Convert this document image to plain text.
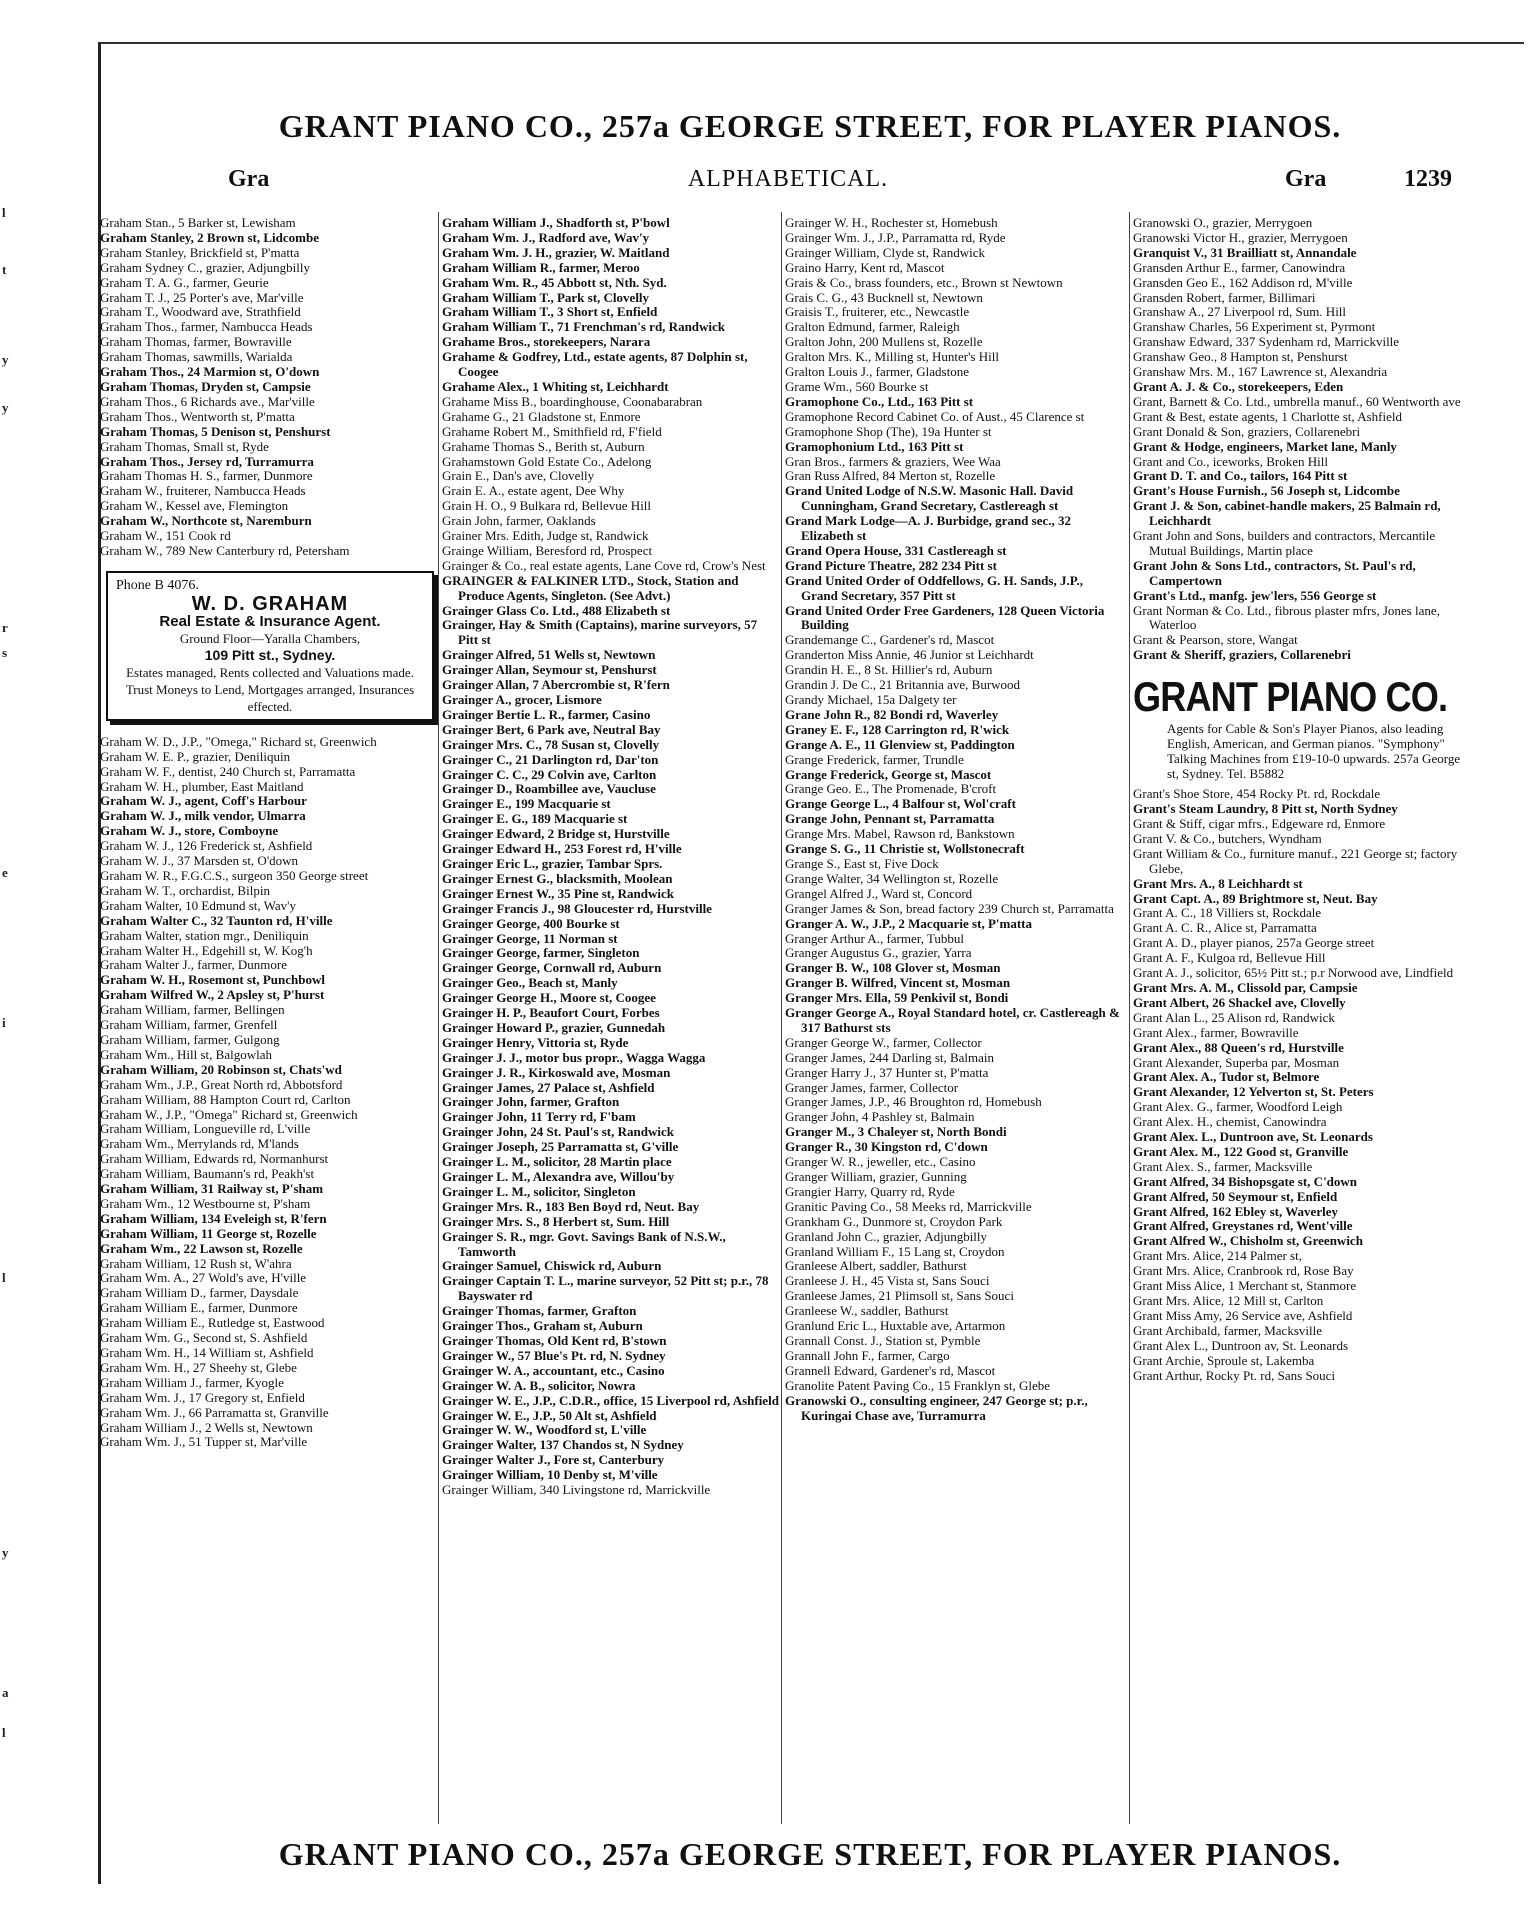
GRANT PIANO CO., 257a GEORGE STREET, FOR PLAYER PIANOS.
Gra	ALPHABETICAL.	Gra	1239

Graham Stan., 5 Barker st, Lewisham

Graham Stanley, 2 Brown st, Lidcombe

Graham Stanley, Brickfield st, P'matta

Graham Sydney C., grazier, Adjungbilly

Graham T. A. G., farmer, Geurie

Graham T. J., 25 Porter's ave, Mar'ville

Graham T., Woodward ave, Strathfield

Graham Thos., farmer, Nambucca Heads

Graham Thomas, farmer, Bowraville

Graham Thomas, sawmills, Warialda

Graham Thos., 24 Marmion st, O'down

Graham Thomas, Dryden st, Campsie

Graham Thos., 6 Richards ave., Mar'ville

Graham Thos., Wentworth st, P'matta

Graham Thomas, 5 Denison st, Penshurst

Graham Thomas, Small st, Ryde

Graham Thos., Jersey rd, Turramurra

Graham Thomas H. S., farmer, Dunmore

Graham W., fruiterer, Nambucca Heads

Graham W., Kessel ave, Flemington

Graham W., Northcote st, Naremburn

Graham W., 151 Cook rd

Graham W., 789 New Canterbury rd, Petersham

Phone B 4076.
W. D. GRAHAM
Real Estate & Insurance Agent.
Ground Floor—Yaralla Chambers,
109 Pitt st., Sydney.
Estates managed, Rents collected and Valuations made.
Trust Moneys to Lend, Mortgages arranged, Insurances effected.

Graham W. D., J.P., "Omega," Richard st, Greenwich

Graham W. E. P., grazier, Deniliquin

Graham W. F., dentist, 240 Church st, Parramatta

Graham W. H., plumber, East Maitland

Graham W. J., agent, Coff's Harbour

Graham W. J., milk vendor, Ulmarra

Graham W. J., store, Comboyne

Graham W. J., 126 Frederick st, Ashfield

Graham W. J., 37 Marsden st, O'down

Graham W. R., F.G.C.S., surgeon 350 George street

Graham W. T., orchardist, Bilpin

Graham Walter, 10 Edmund st, Wav'y

Graham Walter C., 32 Taunton rd, H'ville

Graham Walter, station mgr., Deniliquin

Graham Walter H., Edgehill st, W. Kog'h

Graham Walter J., farmer, Dunmore

Graham W. H., Rosemont st, Punchbowl

Graham Wilfred W., 2 Apsley st, P'hurst

Graham William, farmer, Bellingen

Graham William, farmer, Grenfell

Graham William, farmer, Gulgong

Graham Wm., Hill st, Balgowlah

Graham William, 20 Robinson st, Chats'wd

Graham Wm., J.P., Great North rd, Abbotsford

Graham William, 88 Hampton Court rd, Carlton

Graham W., J.P., "Omega" Richard st, Greenwich

Graham William, Longueville rd, L'ville

Graham Wm., Merrylands rd, M'lands

Graham William, Edwards rd, Normanhurst

Graham William, Baumann's rd, Peakh'st

Graham William, 31 Railway st, P'sham

Graham Wm., 12 Westbourne st, P'sham

Graham William, 134 Eveleigh st, R'fern

Graham William, 11 George st, Rozelle

Graham Wm., 22 Lawson st, Rozelle

Graham William, 12 Rush st, W'ahra

Graham Wm. A., 27 Wold's ave, H'ville

Graham William D., farmer, Daysdale

Graham William E., farmer, Dunmore

Graham William E., Rutledge st, Eastwood

Graham Wm. G., Second st, S. Ashfield

Graham Wm. H., 14 William st, Ashfield

Graham Wm. H., 27 Sheehy st, Glebe

Graham William J., farmer, Kyogle

Graham Wm. J., 17 Gregory st, Enfield

Graham Wm. J., 66 Parramatta st, Granville

Graham William J., 2 Wells st, Newtown

Graham Wm. J., 51 Tupper st, Mar'ville

Graham William J., Shadforth st, P'bowl

Graham Wm. J., Radford ave, Wav'y

Graham Wm. J. H., grazier, W. Maitland

Graham William R., farmer, Meroo

Graham Wm. R., 45 Abbott st, Nth. Syd.

Graham William T., Park st, Clovelly

Graham William T., 3 Short st, Enfield

Graham William T., 71 Frenchman's rd, Randwick

Grahame Bros., storekeepers, Narara

Grahame & Godfrey, Ltd., estate agents, 87 Dolphin st, Coogee

Grahame Alex., 1 Whiting st, Leichhardt

Grahame Miss B., boardinghouse, Coonabarabran

Grahame G., 21 Gladstone st, Enmore

Grahame Robert M., Smithfield rd, F'field

Grahame Thomas S., Berith st, Auburn

Grahamstown Gold Estate Co., Adelong

Grain E., Dan's ave, Clovelly

Grain E. A., estate agent, Dee Why

Grain H. O., 9 Bulkara rd, Bellevue Hill

Grain John, farmer, Oaklands

Grainer Mrs. Edith, Judge st, Randwick

Grainge William, Beresford rd, Prospect

Grainger & Co., real estate agents, Lane Cove rd, Crow's Nest

GRAINGER & FALKINER LTD., Stock, Station and Produce Agents, Singleton. (See Advt.)

Grainger Glass Co. Ltd., 488 Elizabeth st

Grainger, Hay & Smith (Captains), marine surveyors, 57 Pitt st

Grainger Alfred, 51 Wells st, Newtown

Grainger Allan, Seymour st, Penshurst

Grainger Allan, 7 Abercrombie st, R'fern

Grainger A., grocer, Lismore

Grainger Bertie L. R., farmer, Casino

Grainger Bert, 6 Park ave, Neutral Bay

Grainger Mrs. C., 78 Susan st, Clovelly

Grainger C., 21 Darlington rd, Dar'ton

Grainger C. C., 29 Colvin ave, Carlton

Grainger D., Roambillee ave, Vaucluse

Grainger E., 199 Macquarie st

Grainger E. G., 189 Macquarie st

Grainger Edward, 2 Bridge st, Hurstville

Grainger Edward H., 253 Forest rd, H'ville

Grainger Eric L., grazier, Tambar Sprs.

Grainger Ernest G., blacksmith, Moolean

Grainger Ernest W., 35 Pine st, Randwick

Grainger Francis J., 98 Gloucester rd, Hurstville

Grainger George, 400 Bourke st

Grainger George, 11 Norman st

Grainger George, farmer, Singleton

Grainger George, Cornwall rd, Auburn

Grainger Geo., Beach st, Manly

Grainger George H., Moore st, Coogee

Grainger H. P., Beaufort Court, Forbes

Grainger Howard P., grazier, Gunnedah

Grainger Henry, Vittoria st, Ryde

Grainger J. J., motor bus propr., Wagga Wagga

Grainger J. R., Kirkoswald ave, Mosman

Grainger James, 27 Palace st, Ashfield

Grainger John, farmer, Grafton

Grainger John, 11 Terry rd, F'bam

Grainger John, 24 St. Paul's st, Randwick

Grainger Joseph, 25 Parramatta st, G'ville

Grainger L. M., solicitor, 28 Martin place

Grainger L. M., Alexandra ave, Willou'by

Grainger L. M., solicitor, Singleton

Grainger Mrs. R., 183 Ben Boyd rd, Neut. Bay

Grainger Mrs. S., 8 Herbert st, Sum. Hill

Grainger S. R., mgr. Govt. Savings Bank of N.S.W., Tamworth

Grainger Samuel, Chiswick rd, Auburn

Grainger Captain T. L., marine surveyor, 52 Pitt st; p.r., 78 Bayswater rd

Grainger Thomas, farmer, Grafton

Grainger Thos., Graham st, Auburn

Grainger Thomas, Old Kent rd, B'stown

Grainger W., 57 Blue's Pt. rd, N. Sydney

Grainger W. A., accountant, etc., Casino

Grainger W. A. B., solicitor, Nowra

Grainger W. E., J.P., C.D.R., office, 15 Liverpool rd, Ashfield

Grainger W. E., J.P., 50 Alt st, Ashfield

Grainger W. W., Woodford st, L'ville

Grainger Walter, 137 Chandos st, N Sydney

Grainger Walter J., Fore st, Canterbury

Grainger William, 10 Denby st, M'ville

Grainger William, 340 Livingstone rd, Marrickville

Grainger W. H., Rochester st, Homebush

Grainger Wm. J., J.P., Parramatta rd, Ryde

Grainger William, Clyde st, Randwick

Graino Harry, Kent rd, Mascot

Grais & Co., brass founders, etc., Brown st Newtown

Grais C. G., 43 Bucknell st, Newtown

Graisis T., fruiterer, etc., Newcastle

Gralton Edmund, farmer, Raleigh

Gralton John, 200 Mullens st, Rozelle

Gralton Mrs. K., Milling st, Hunter's Hill

Gralton Louis J., farmer, Gladstone

Grame Wm., 560 Bourke st

Gramophone Co., Ltd., 163 Pitt st

Gramophone Record Cabinet Co. of Aust., 45 Clarence st

Gramophone Shop (The), 19a Hunter st

Gramophonium Ltd., 163 Pitt st

Gran Bros., farmers & graziers, Wee Waa

Gran Russ Alfred, 84 Merton st, Rozelle

Grand United Lodge of N.S.W. Masonic Hall. David Cunningham, Grand Secretary, Castlereagh st

Grand Mark Lodge—A. J. Burbidge, grand sec., 32 Elizabeth st

Grand Opera House, 331 Castlereagh st

Grand Picture Theatre, 282 234 Pitt st

Grand United Order of Oddfellows, G. H. Sands, J.P., Grand Secretary, 357 Pitt st

Grand United Order Free Gardeners, 128 Queen Victoria Building

Grandemange C., Gardener's rd, Mascot

Granderton Miss Annie, 46 Junior st Leichhardt

Grandin H. E., 8 St. Hillier's rd, Auburn

Grandin J. De C., 21 Britannia ave, Burwood

Grandy Michael, 15a Dalgety ter

Grane John R., 82 Bondi rd, Waverley

Graney E. F., 128 Carrington rd, R'wick

Grange A. E., 11 Glenview st, Paddington

Grange Frederick, farmer, Trundle

Grange Frederick, George st, Mascot

Grange Geo. E., The Promenade, B'croft

Grange George L., 4 Balfour st, Wol'craft

Grange John, Pennant st, Parramatta

Grange Mrs. Mabel, Rawson rd, Bankstown

Grange S. G., 11 Christie st, Wollstonecraft

Grange S., East st, Five Dock

Grange Walter, 34 Wellington st, Rozelle

Grangel Alfred J., Ward st, Concord

Granger James & Son, bread factory 239 Church st, Parramatta

Granger A. W., J.P., 2 Macquarie st, P'matta

Granger Arthur A., farmer, Tubbul

Granger Augustus G., grazier, Yarra

Granger B. W., 108 Glover st, Mosman

Granger B. Wilfred, Vincent st, Mosman

Granger Mrs. Ella, 59 Penkivil st, Bondi

Granger George A., Royal Standard hotel, cr. Castlereagh & 317 Bathurst sts

Granger George W., farmer, Collector

Granger James, 244 Darling st, Balmain

Granger Harry J., 37 Hunter st, P'matta

Granger James, farmer, Collector

Granger James, J.P., 46 Broughton rd, Homebush

Granger John, 4 Pashley st, Balmain

Granger M., 3 Chaleyer st, North Bondi

Granger R., 30 Kingston rd, C'down

Granger W. R., jeweller, etc., Casino

Granger William, grazier, Gunning

Grangier Harry, Quarry rd, Ryde

Granitic Paving Co., 58 Meeks rd, Marrickville

Grankham G., Dunmore st, Croydon Park

Granland John C., grazier, Adjungbilly

Granland William F., 15 Lang st, Croydon

Granleese Albert, saddler, Bathurst

Granleese J. H., 45 Vista st, Sans Souci

Granleese James, 21 Plimsoll st, Sans Souci

Granleese W., saddler, Bathurst

Granlund Eric L., Huxtable ave, Artarmon

Grannall Const. J., Station st, Pymble

Grannall John F., farmer, Cargo

Grannell Edward, Gardener's rd, Mascot

Granolite Patent Paving Co., 15 Franklyn st, Glebe

Granowski O., consulting engineer, 247 George st; p.r., Kuringai Chase ave, Turramurra

Granowski O., grazier, Merrygoen

Granowski Victor H., grazier, Merrygoen

Granquist V., 31 Brailliatt st, Annandale

Gransden Arthur E., farmer, Canowindra

Gransden Geo E., 162 Addison rd, M'ville

Gransden Robert, farmer, Billimari

Granshaw A., 27 Liverpool rd, Sum. Hill

Granshaw Charles, 56 Experiment st, Pyrmont

Granshaw Edward, 337 Sydenham rd, Marrickville

Granshaw Geo., 8 Hampton st, Penshurst

Granshaw Mrs. M., 167 Lawrence st, Alexandria

Grant A. J. & Co., storekeepers, Eden

Grant, Barnett & Co. Ltd., umbrella manuf., 60 Wentworth ave

Grant & Best, estate agents, 1 Charlotte st, Ashfield

Grant Donald & Son, graziers, Collarenebri

Grant & Hodge, engineers, Market lane, Manly

Grant and Co., iceworks, Broken Hill

Grant D. T. and Co., tailors, 164 Pitt st

Grant's House Furnish., 56 Joseph st, Lidcombe

Grant J. & Son, cabinet-handle makers, 25 Balmain rd, Leichhardt

Grant John and Sons, builders and contractors, Mercantile Mutual Buildings, Martin place

Grant John & Sons Ltd., contractors, St. Paul's rd, Campertown

Grant's Ltd., manfg. jew'lers, 556 George st

Grant Norman & Co. Ltd., fibrous plaster mfrs, Jones lane, Waterloo

Grant & Pearson, store, Wangat

Grant & Sheriff, graziers, Collarenebri

GRANT PIANO CO.
Agents for Cable & Son's Player Pianos, also leading English, American, and German pianos. "Symphony" Talking Machines from £19-10-0 upwards. 257a George st, Sydney. Tel. B5882

Grant's Shoe Store, 454 Rocky Pt. rd, Rockdale

Grant's Steam Laundry, 8 Pitt st, North Sydney

Grant & Stiff, cigar mfrs., Edgeware rd, Enmore

Grant V. & Co., butchers, Wyndham

Grant William & Co., furniture manuf., 221 George st; factory Glebe,

Grant Mrs. A., 8 Leichhardt st

Grant Capt. A., 89 Brightmore st, Neut. Bay

Grant A. C., 18 Villiers st, Rockdale

Grant A. C. R., Alice st, Parramatta

Grant A. D., player pianos, 257a George street

Grant A. F., Kulgoa rd, Bellevue Hill

Grant A. J., solicitor, 65½ Pitt st.; p.r Norwood ave, Lindfield

Grant Mrs. A. M., Clissold par, Campsie

Grant Albert, 26 Shackel ave, Clovelly

Grant Alan L., 25 Alison rd, Randwick

Grant Alex., farmer, Bowraville

Grant Alex., 88 Queen's rd, Hurstville

Grant Alexander, Superba par, Mosman

Grant Alex. A., Tudor st, Belmore

Grant Alexander, 12 Yelverton st, St. Peters

Grant Alex. G., farmer, Woodford Leigh

Grant Alex. H., chemist, Canowindra

Grant Alex. L., Duntroon ave, St. Leonards

Grant Alex. M., 122 Good st, Granville

Grant Alex. S., farmer, Macksville

Grant Alfred, 34 Bishopsgate st, C'down

Grant Alfred, 50 Seymour st, Enfield

Grant Alfred, 162 Ebley st, Waverley

Grant Alfred, Greystanes rd, Went'ville

Grant Alfred W., Chisholm st, Greenwich

Grant Mrs. Alice, 214 Palmer st,

Grant Mrs. Alice, Cranbrook rd, Rose Bay

Grant Miss Alice, 1 Merchant st, Stanmore

Grant Mrs. Alice, 12 Mill st, Carlton

Grant Miss Amy, 26 Service ave, Ashfield

Grant Archibald, farmer, Macksville

Grant Alex L., Duntroon av, St. Leonards

Grant Archie, Sproule st, Lakemba

Grant Arthur, Rocky Pt. rd, Sans Souci

GRANT PIANO CO., 257a GEORGE STREET, FOR PLAYER PIANOS.
l
t
y
y
r
s
e
i
l
y
a
l
